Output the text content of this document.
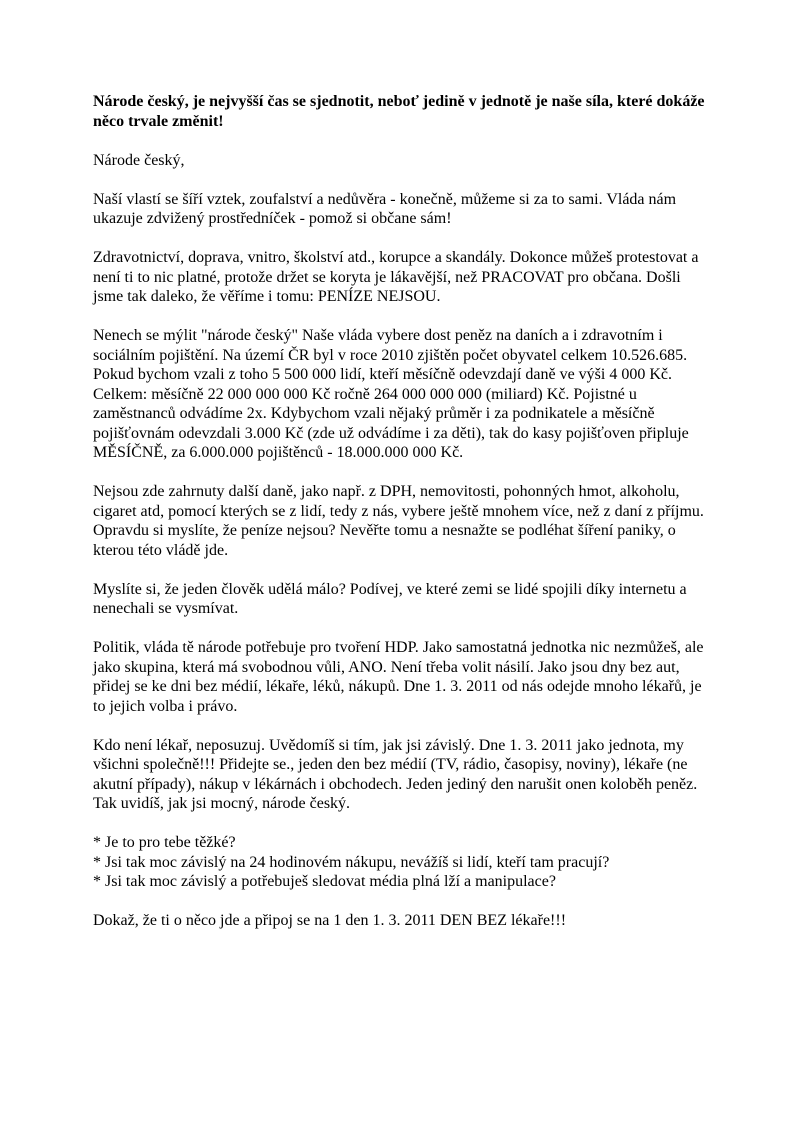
Národe český, je nejvyšší čas se sjednotit, neboť jedině v jednotě je naše síla, které dokáže něco trvale změnit!

Národe český,

Naší vlastí se šíří vztek, zoufalství a nedůvěra - konečně, můžeme si za to sami. Vláda nám ukazuje zdvižený prostředníček - pomož si občane sám!

Zdravotnictví, doprava, vnitro, školství atd., korupce a skandály. Dokonce můžeš protestovat a není ti to nic platné, protože držet se koryta je lákavější, než PRACOVAT pro občana. Došli jsme tak daleko, že věříme i tomu: PENÍZE NEJSOU.

Nenech se mýlit "národe český" Naše vláda vybere dost peněz na daních a i zdravotním i sociálním pojištění. Na území ČR byl v roce 2010 zjištěn počet obyvatel celkem 10.526.685. Pokud bychom vzali z toho 5 500 000 lidí, kteří měsíčně odevzdají daně ve výši 4 000 Kč. Celkem: měsíčně 22 000 000 000 Kč ročně 264 000 000 000 (miliard) Kč. Pojistné u zaměstnanců odvádíme 2x. Kdybychom vzali nějaký průměr i za podnikatele a měsíčně pojišťovnám odevzdali 3.000 Kč (zde už odvádíme i za děti), tak do kasy pojišťoven připluje MĚSÍČNĚ, za 6.000.000 pojištěnců - 18.000.000 000 Kč.

Nejsou zde zahrnuty další daně, jako např. z DPH, nemovitosti, pohonných hmot, alkoholu, cigaret atd, pomocí kterých se z lidí, tedy z nás, vybere ještě mnohem více, než z daní z příjmu. Opravdu si myslíte, že peníze nejsou? Nevěřte tomu a nesnažte se podléhat šíření paniky, o kterou této vládě jde.

Myslíte si, že jeden člověk udělá málo? Podívej, ve které zemi se lidé spojili díky internetu a nenechali se vysmívat.

Politik, vláda tě národe potřebuje pro tvoření HDP. Jako samostatná jednotka nic nezmůžeš, ale jako skupina, která má svobodnou vůli, ANO. Není třeba volit násilí. Jako jsou dny bez aut, přidej se ke dni bez médií, lékaře, léků, nákupů. Dne 1. 3. 2011 od nás odejde mnoho lékařů, je to jejich volba i právo.

Kdo není lékař, neposuzuj. Uvědomíš si tím, jak jsi závislý. Dne 1. 3. 2011 jako jednota, my všichni společně!!! Přidejte se., jeden den bez médií (TV, rádio, časopisy, noviny), lékaře (ne akutní případy), nákup v lékárnách i obchodech. Jeden jediný den narušit onen koloběh peněz. Tak uvidíš, jak jsi mocný, národe český.

* Je to pro tebe těžké?
* Jsi tak moc závislý na 24 hodinovém nákupu, nevážíš si lidí, kteří tam pracují?
* Jsi tak moc závislý a potřebuješ sledovat média plná lží a manipulace?

Dokaž, že ti o něco jde a připoj se na 1 den 1. 3. 2011 DEN BEZ lékaře!!!
